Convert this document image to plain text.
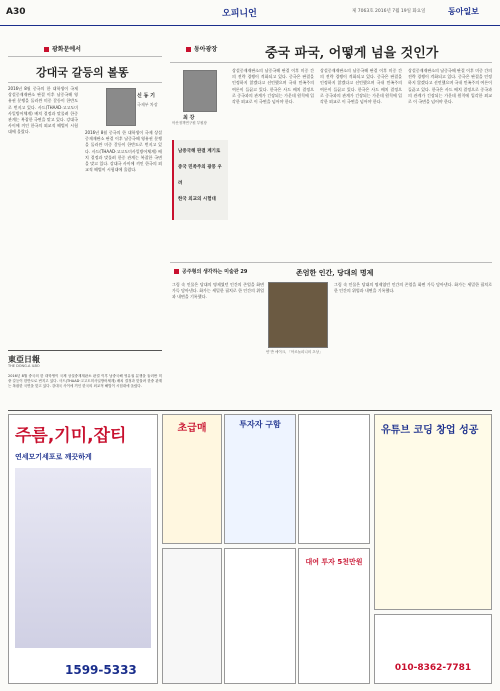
A30	오피니언	제 7063호 2016년 7월 19일 화요일	동아일보
광화문에서
강대국 갈등의 볼똥
2016년 8월 중국의 한 대학생이 국제 상설중재재판소 판결 이후 남중국해 영유권 분쟁을 둘러싼 미중 갈등이 한반도로 번지고 있다. 사드(THAAD·고고도미사일방어체계) 배치 결정과 맞물려 한중 관계는 복잡한 국면을 맞고 있다. 강대국 사이에 끼인 한국의 외교적 해법이 시험대에 올랐다.	2016년 8월 중국의 한 대학생이 국제 상설중재재판소 판결 이후 남중국해 영유권 분쟁을 둘러싼 미중 갈등이 한반도로 번지고 있다. 사드(THAAD·고고도미사일방어체계) 배치 결정과 맞물려 한중 관계는 복잡한 국면을 맞고 있다. 강대국 사이에 끼인 한국의 외교적 해법이 시험대에 올랐다.
신 동 기
국제부 차장
東亞日報
THE DONG-A ILBO
2016년 8월 중국의 한 대학생이 국제 상설중재재판소 판결 이후 남중국해 영유권 분쟁을 둘러싼 미중 갈등이 한반도로 번지고 있다. 사드(THAAD·고고도미사일방어체계) 배치 결정과 맞물려 한중 관계는 복잡한 국면을 맞고 있다. 강대국 사이에 끼인 한국의 외교적 해법이 시험대에 올랐다.
동아광장	중국 파국, 어떻게 넘을 것인가
최 강
아산정책연구원 부원장
남중국해 판결 계기로
중국 민족주의 광풍 우려
한국 외교의 시험대
상설중재재판소의 남중국해 판결 이후 미중 간의 전략 경쟁이 격화되고 있다. 중국은 판결을 인정하지 않겠다고 선언했으며 국내 민족주의 여론이 들끓고 있다. 한국은 사드 배치 결정으로 중국과의 관계가 긴장되는 가운데 원칙에 입각한 외교로 이 국면을 넘어야 한다.
상설중재재판소의 남중국해 판결 이후 미중 간의 전략 경쟁이 격화되고 있다. 중국은 판결을 인정하지 않겠다고 선언했으며 국내 민족주의 여론이 들끓고 있다. 한국은 사드 배치 결정으로 중국과의 관계가 긴장되는 가운데 원칙에 입각한 외교로 이 국면을 넘어야 한다.
상설중재재판소의 남중국해 판결 이후 미중 간의 전략 경쟁이 격화되고 있다. 중국은 판결을 인정하지 않겠다고 선언했으며 국내 민족주의 여론이 들끓고 있다. 한국은 사드 배치 결정으로 중국과의 관계가 긴장되는 가운데 원칙에 입각한 외교로 이 국면을 넘어야 한다.
공주형의 생각하는 미술관 29	존엄한 인간, 당대의 명제
그림 속 인물은 당대의 명제였던 인간의 존엄을 화면 가득 담아낸다. 화가는 세밀한 필치로 한 인간의 위엄과 내면을 기록했다.
얀 반 에이크, 「아르놀피니의 초상」
그림 속 인물은 당대의 명제였던 인간의 존엄을 화면 가득 담아낸다. 화가는 세밀한 필치로 한 인간의 위엄과 내면을 기록했다.
주름,기미,잡티
연세모기세포로 깨끗하게
1599-5333
초급매	투자자 구함
대여 투자 5천만원
유튜브 코딩 창업 성공
010-8362-7781
